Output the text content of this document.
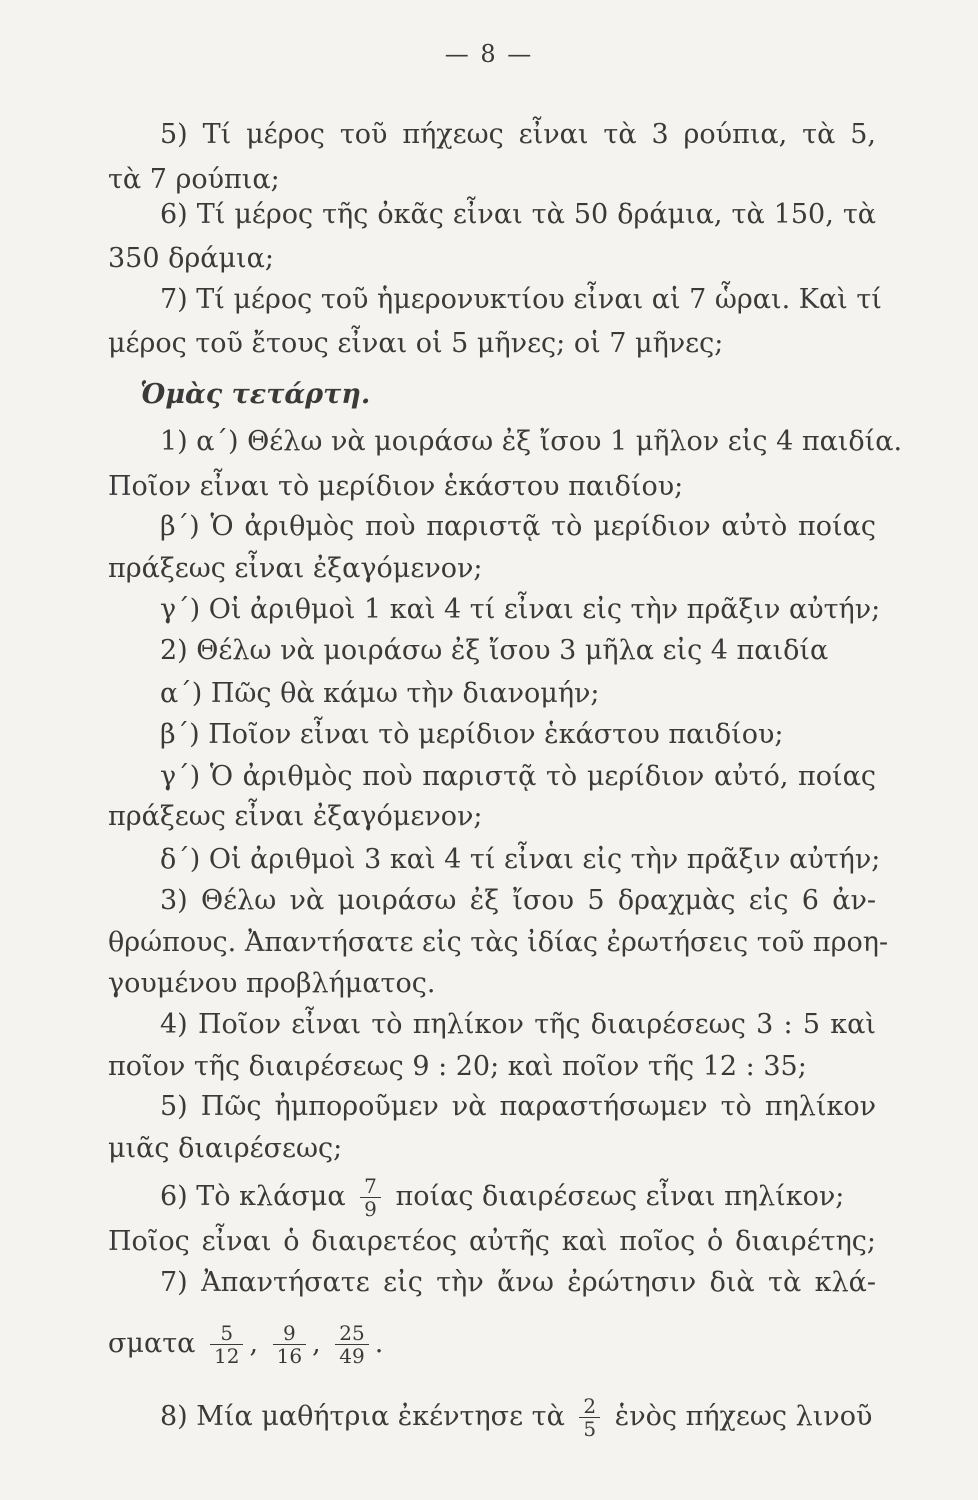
— 8 —
5) Τί μέρος τοῦ πήχεως εἶναι τὰ 3 ρούπια, τὰ 5,
τὰ 7 ρούπια;
6) Τί μέρος τῆς ὀκᾶς εἶναι τὰ 50 δράμια, τὰ 150, τὰ
350 δράμια;
7) Τί μέρος τοῦ ἡμερονυκτίου εἶναι αἱ 7 ὧραι. Καὶ τί
μέρος τοῦ ἔτους εἶναι οἱ 5 μῆνες; οἱ 7 μῆνες;
Ὁμὰς τετάρτη.
1) α΄) Θέλω νὰ μοιράσω ἐξ ἴσου 1 μῆλον εἰς 4 παιδία.
Ποῖον εἶναι τὸ μερίδιον ἑκάστου παιδίου;
β΄) Ὁ ἀριθμὸς ποὺ παριστᾷ τὸ μερίδιον αὐτὸ ποίας
πράξεως εἶναι ἐξαγόμενον;
γ΄) Οἱ ἀριθμοὶ 1 καὶ 4 τί εἶναι εἰς τὴν πρᾶξιν αὐτήν;
2) Θέλω νὰ μοιράσω ἐξ ἴσου 3 μῆλα εἰς 4 παιδία
α΄) Πῶς θὰ κάμω τὴν διανομήν;
β΄) Ποῖον εἶναι τὸ μερίδιον ἑκάστου παιδίου;
γ΄) Ὁ ἀριθμὸς ποὺ παριστᾷ τὸ μερίδιον αὐτό, ποίας
πράξεως εἶναι ἐξαγόμενον;
δ΄) Οἱ ἀριθμοὶ 3 καὶ 4 τί εἶναι εἰς τὴν πρᾶξιν αὐτήν;
3) Θέλω νὰ μοιράσω ἐξ ἴσου 5 δραχμὰς εἰς 6 ἀν-
θρώπους. Ἀπαντήσατε εἰς τὰς ἰδίας ἐρωτήσεις τοῦ προη-
γουμένου προβλήματος.
4) Ποῖον εἶναι τὸ πηλίκον τῆς διαιρέσεως 3 : 5 καὶ
ποῖον τῆς διαιρέσεως 9 : 20; καὶ ποῖον τῆς 12 : 35;
5) Πῶς ἠμποροῦμεν νὰ παραστήσωμεν τὸ πηλίκον
μιᾶς διαιρέσεως;
6) Τὸ κλάσμα $\frac{7}{9}$ ποίας διαιρέσεως εἶναι πηλίκον;
Ποῖος εἶναι ὁ διαιρετέος αὐτῆς καὶ ποῖος ὁ διαιρέτης;
7) Ἀπαντήσατε εἰς τὴν ἄνω ἐρώτησιν διὰ τὰ κλά-
σματα $\frac{5}{12}$ , $\frac{9}{16}$ , $\frac{25}{49}$ .
8) Μία μαθήτρια ἐκέντησε τὰ $\frac{2}{5}$ ἑνὸς πήχεως λινοῦ
